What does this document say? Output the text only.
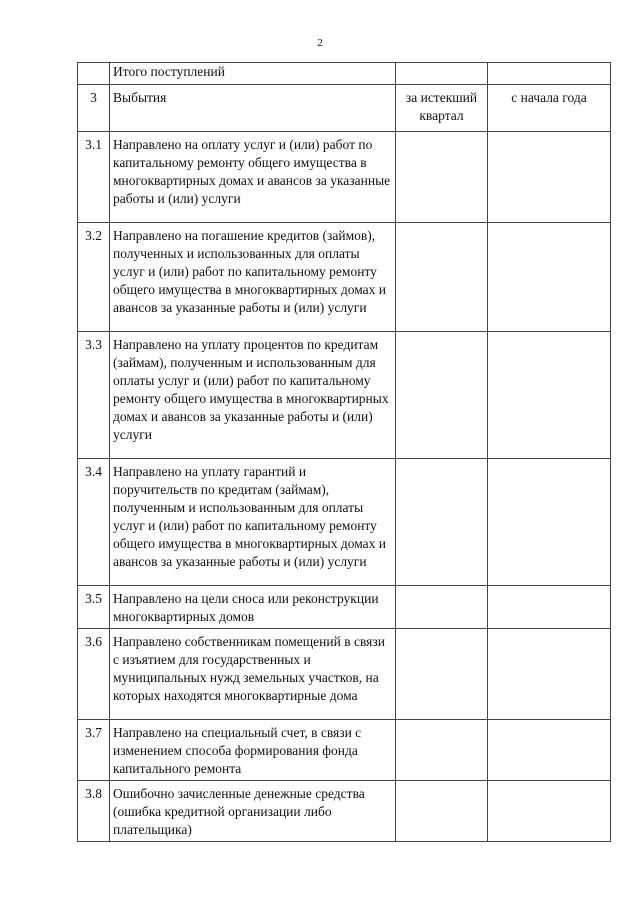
2
	Итого поступлений		
3	Выбытия	за истекший квартал	с начала года
3.1	Направлено на оплату услуг и (или) работ по капитальному ремонту общего имущества в многоквартирных домах и авансов за указанные работы и (или) услуги		
3.2	Направлено на погашение кредитов (займов), полученных и использованных для оплаты услуг и (или) работ по капитальному ремонту общего имущества в многоквартирных домах и авансов за указанные работы и (или) услуги		
3.3	Направлено на уплату процентов по кредитам (займам), полученным и использованным для оплаты услуг и (или) работ по капитальному ремонту общего имущества в многоквартирных домах и авансов за указанные работы и (или) услуги		
3.4	Направлено на уплату гарантий и поручительств по кредитам (займам), полученным и использованным для оплаты услуг и (или) работ по капитальному ремонту общего имущества в многоквартирных домах и авансов за указанные работы и (или) услуги		
3.5	Направлено на цели сноса или реконструкции многоквартирных домов		
3.6	Направлено собственникам помещений в связи с изъятием для государственных и муниципальных нужд земельных участков, на которых находятся многоквартирные дома		
3.7	Направлено на специальный счет, в связи с изменением способа формирования фонда капитального ремонта		
3.8	Ошибочно зачисленные денежные средства (ошибка кредитной организации либо плательщика)		
